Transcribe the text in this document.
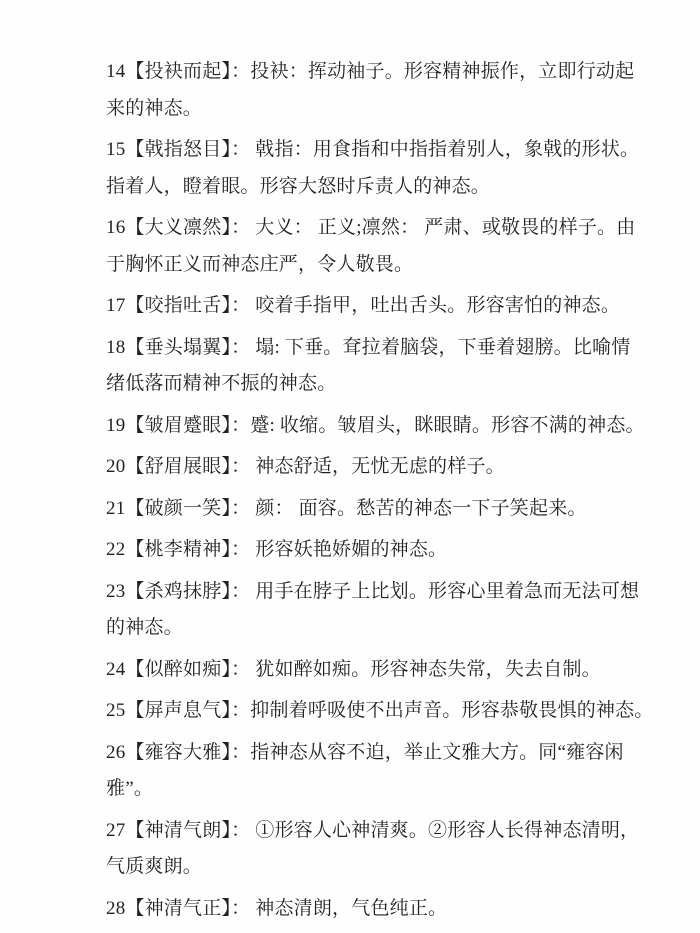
14【投袂而起】：投袂：挥动袖子。形容精神振作，立即行动起
来的神态。
15【戟指怒目】： 戟指：用食指和中指指着别人，象戟的形状。
指着人，瞪着眼。形容大怒时斥责人的神态。
16【大义凛然】： 大义： 正义;凛然： 严肃、或敬畏的样子。由
于胸怀正义而神态庄严，令人敬畏。
17【咬指吐舌】： 咬着手指甲，吐出舌头。形容害怕的神态。
18【垂头塌翼】： 塌: 下垂。耷拉着脑袋，下垂着翅膀。比喻情
绪低落而精神不振的神态。
19【皱眉蹙眼】：蹙: 收缩。皱眉头，眯眼睛。形容不满的神态。
20【舒眉展眼】： 神态舒适，无忧无虑的样子。
21【破颜一笑】： 颜： 面容。愁苦的神态一下子笑起来。
22【桃李精神】： 形容妖艳娇媚的神态。
23【杀鸡抹脖】： 用手在脖子上比划。形容心里着急而无法可想
的神态。
24【似醉如痴】： 犹如醉如痴。形容神态失常，失去自制。
25【屏声息气】：抑制着呼吸使不出声音。形容恭敬畏惧的神态。
26【雍容大雅】：指神态从容不迫，举止文雅大方。同“雍容闲
雅”。
27【神清气朗】： ①形容人心神清爽。②形容人长得神态清明，
气质爽朗。
28【神清气正】： 神态清朗，气色纯正。
